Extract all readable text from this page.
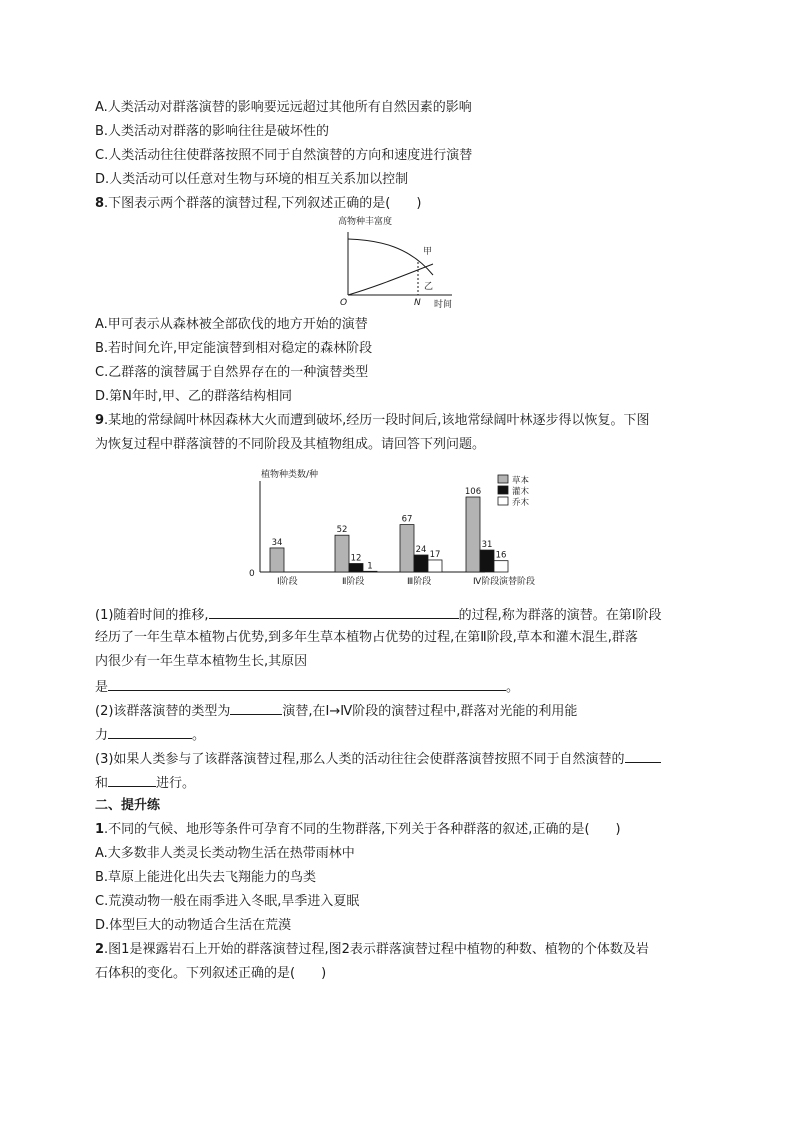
A.人类活动对群落演替的影响要远远超过其他所有自然因素的影响
B.人类活动对群落的影响往往是破坏性的
C.人类活动往往使群落按照不同于自然演替的方向和速度进行演替
D.人类活动可以任意对生物与环境的相互关系加以控制
8.下图表示两个群落的演替过程,下列叙述正确的是(　　)
高物种丰富度
甲
乙
O	N 时间
A.甲可表示从森林被全部砍伐的地方开始的演替
B.若时间允许,甲定能演替到相对稳定的森林阶段
C.乙群落的演替属于自然界存在的一种演替类型
D.第N年时,甲、乙的群落结构相同
9.某地的常绿阔叶林因森林大火而遭到破坏,经历一段时间后,该地常绿阔叶林逐步得以恢复。下图
为恢复过程中群落演替的不同阶段及其植物组成。请回答下列问题。
植物种类数/种
0
演替阶段
34
Ⅰ阶段
52
12
1
Ⅱ阶段
67
24 17
Ⅲ阶段
106
31
16
Ⅳ阶段
草本
灌木
乔木
(1)随着时间的推移,	的过程,称为群落的演替。在第Ⅰ阶段
经历了一年生草本植物占优势,到多年生草本植物占优势的过程,在第Ⅱ阶段,草本和灌木混生,群落
内很少有一年生草本植物生长,其原因
是	。
(2)该群落演替的类型为	演替,在Ⅰ→Ⅳ阶段的演替过程中,群落对光能的利用能
力	。
(3)如果人类参与了该群落演替过程,那么人类的活动往往会使群落演替按照不同于自然演替的
和	进行。
二、提升练
1.不同的气候、地形等条件可孕育不同的生物群落,下列关于各种群落的叙述,正确的是(　　)
A.大多数非人类灵长类动物生活在热带雨林中
B.草原上能进化出失去飞翔能力的鸟类
C.荒漠动物一般在雨季进入冬眠,旱季进入夏眠
D.体型巨大的动物适合生活在荒漠
2.图1是裸露岩石上开始的群落演替过程,图2表示群落演替过程中植物的种数、植物的个体数及岩
石体积的变化。下列叙述正确的是(　　)
